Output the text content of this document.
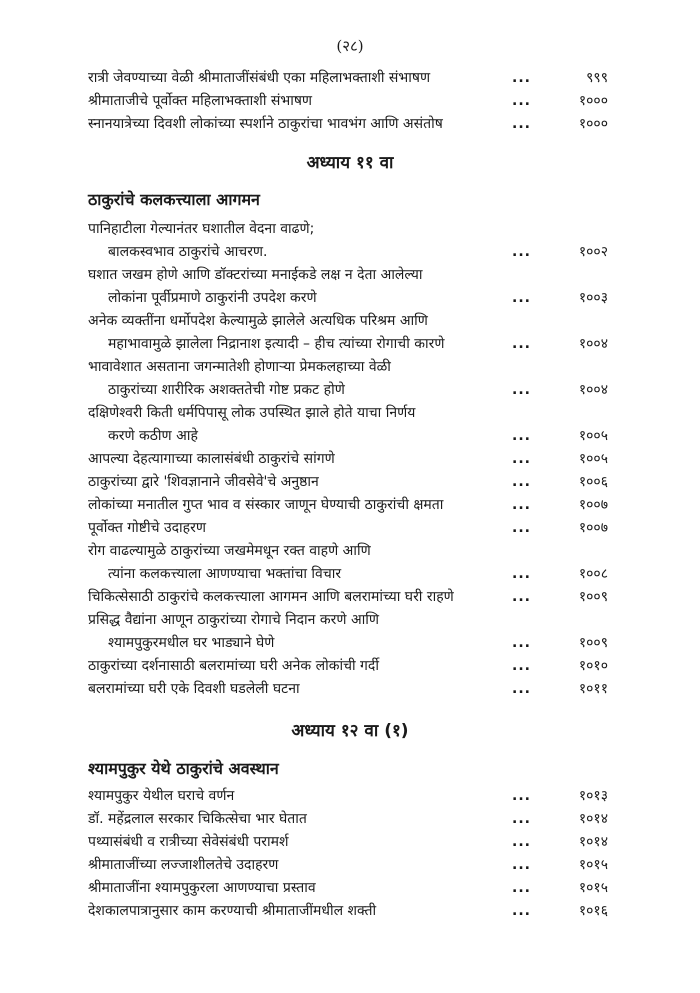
(२८)
रात्री जेवण्याच्या वेळी श्रीमाताजींसंबंधी एका महिलाभक्ताशी संभाषण	...	९९९
श्रीमाताजीचे पूर्वोक्त महिलाभक्ताशी संभाषण	...	१०००
स्नानयात्रेच्या दिवशी लोकांच्या स्पर्शाने ठाकुरांचा भावभंग आणि असंतोष	...	१०००
अध्याय ११ वा
ठाकुरांचे कलकत्त्याला आगमन
पानिहाटीला गेल्यानंतर घशातील वेदना वाढणे;
बालकस्वभाव ठाकुरांचे आचरण.	...	१००२
घशात जखम होणे आणि डॉक्टरांच्या मनाईकडे लक्ष न देता आलेल्या
लोकांना पूर्वीप्रमाणे ठाकुरांनी उपदेश करणे	...	१००३
अनेक व्यक्तींना धर्मोपदेश केल्यामुळे झालेले अत्यधिक परिश्रम आणि
महाभावामुळे झालेला निद्रानाश इत्यादी – हीच त्यांच्या रोगाची कारणे	...	१००४
भावावेशात असताना जगन्मातेशी होणाऱ्या प्रेमकलहाच्या वेळी
ठाकुरांच्या शारीरिक अशक्ततेची गोष्ट प्रकट होणे	...	१००४
दक्षिणेश्वरी किती धर्मपिपासू लोक उपस्थित झाले होते याचा निर्णय
करणे कठीण आहे	...	१००५
आपल्या देहत्यागाच्या कालासंबंधी ठाकुरांचे सांगणे	...	१००५
ठाकुरांच्या द्वारे 'शिवज्ञानाने जीवसेवे'चे अनुष्ठान	...	१००६
लोकांच्या मनातील गुप्त भाव व संस्कार जाणून घेण्याची ठाकुरांची क्षमता	...	१००७
पूर्वोक्त गोष्टीचे उदाहरण	...	१००७
रोग वाढल्यामुळे ठाकुरांच्या जखमेमधून रक्त वाहणे आणि
त्यांना कलकत्त्याला आणण्याचा भक्तांचा विचार	...	१००८
चिकित्सेसाठी ठाकुरांचे कलकत्त्याला आगमन आणि बलरामांच्या घरी राहणे	...	१००९
प्रसिद्ध वैद्यांना आणून ठाकुरांच्या रोगाचे निदान करणे आणि
श्यामपुकुरमधील घर भाड्याने घेणे	...	१००९
ठाकुरांच्या दर्शनासाठी बलरामांच्या घरी अनेक लोकांची गर्दी	...	१०१०
बलरामांच्या घरी एके दिवशी घडलेली घटना	...	१०११
अध्याय १२ वा (१)
श्यामपुकुर येथे ठाकुरांचे अवस्थान
श्यामपुकुर येथील घराचे वर्णन	...	१०१३
डॉ. महेंद्रलाल सरकार चिकित्सेचा भार घेतात	...	१०१४
पथ्यासंबंधी व रात्रीच्या सेवेसंबंधी परामर्श	...	१०१४
श्रीमाताजींच्या लज्जाशीलतेचे उदाहरण	...	१०१५
श्रीमाताजींना श्यामपुकुरला आणण्याचा प्रस्ताव	...	१०१५
देशकालपात्रानुसार काम करण्याची श्रीमाताजींमधील शक्ती	...	१०१६
